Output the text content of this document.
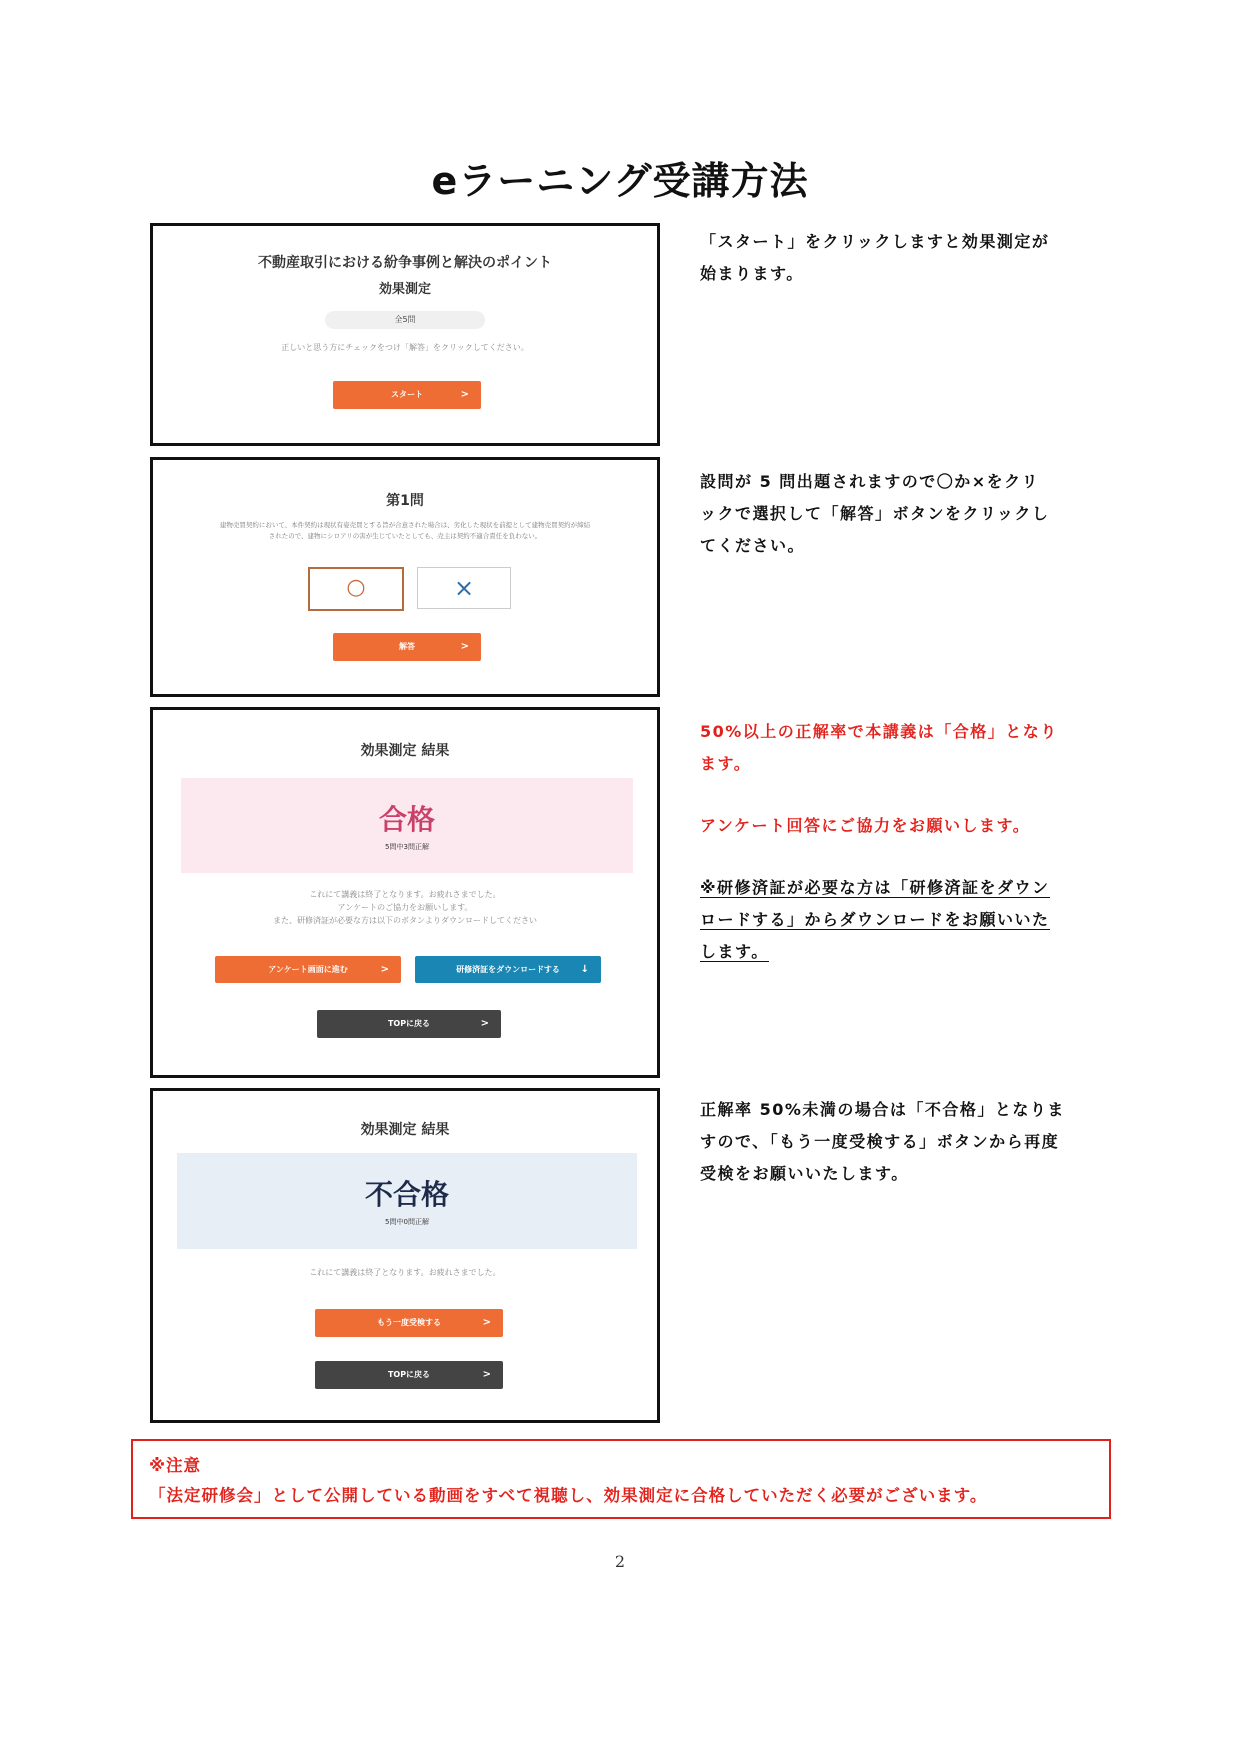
eラーニング受講方法
不動産取引における紛争事例と解決のポイント
効果測定
全5問
正しいと思う方にチェックをつけ「解答」をクリックしてください。
スタート	>
「スタート」をクリックしますと効果測定が
始まります。
第1問
建物売買契約において、本件契約は現状有姿売買とする旨が合意された場合は、劣化した現状を前提として建物売買契約が締結
されたので、建物にシロアリの害が生じていたとしても、売主は契約不適合責任を負わない。
○	×
解答	>
設問が 5 問出題されますので〇か×をクリ
ックで選択して「解答」ボタンをクリックし
てください。
効果測定 結果
合格
5問中3問正解
これにて講義は終了となります。お疲れさまでした。
アンケートのご協力をお願いします。
また、研修済証が必要な方は以下のボタンよりダウンロードしてください
アンケート画面に進む	>	研修済証をダウンロードする ↓
TOPに戻る	>
50%以上の正解率で本講義は「合格」となり
ます。
アンケート回答にご協力をお願いします。
※研修済証が必要な方は「研修済証をダウン
ロードする」からダウンロードをお願いいた
します。
効果測定 結果
不合格
5問中0問正解
これにて講義は終了となります。お疲れさまでした。
もう一度受検する	>
TOPに戻る	>
正解率 50%未満の場合は「不合格」となりま
すので、「もう一度受検する」ボタンから再度
受検をお願いいたします。
※注意
「法定研修会」として公開している動画をすべて視聴し、効果測定に合格していただく必要がございます。
2
